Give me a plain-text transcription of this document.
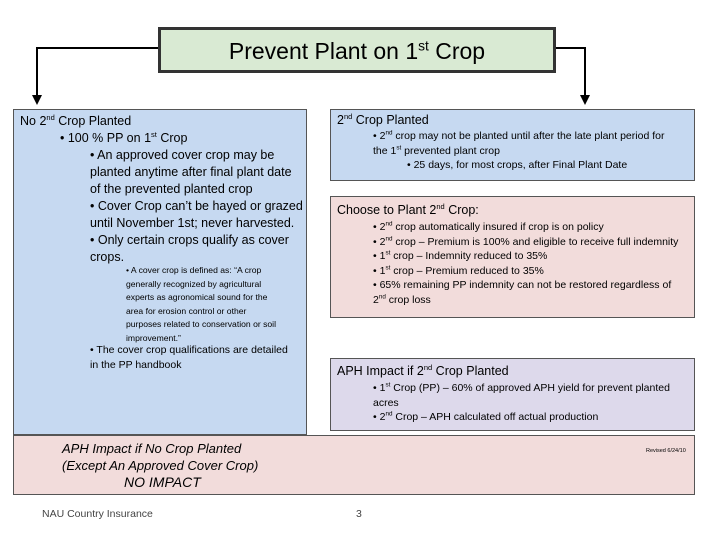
Prevent Plant on 1st Crop
No 2nd Crop Planted
• 100 % PP on 1st Crop
• An approved cover crop may be
planted anytime after final plant date
of the prevented planted crop
• Cover Crop can’t be hayed or grazed
until November 1st; never harvested.
• Only certain crops qualify as cover
crops.
• A cover crop is defined as: “A crop
generally recognized by agricultural
experts as agronomical sound for the
area for erosion control or other
purposes related to conservation or soil
improvement.”
• The cover crop qualifications are detailed
in the PP handbook
2nd Crop Planted
• 2nd crop may not be planted until after the late plant period for
the 1st prevented plant crop
• 25 days, for most crops, after Final Plant Date
Choose to Plant 2nd Crop:
• 2nd crop automatically insured if crop is on policy
• 2nd crop – Premium is 100% and eligible to receive full indemnity
• 1st crop – Indemnity reduced to 35%
• 1st crop – Premium reduced to 35%
• 65% remaining PP indemnity can not be restored regardless of
2nd crop loss
APH Impact if No Crop Planted
(Except An Approved Cover Crop)
NO IMPACT
Revised 6/24/10
APH Impact if 2nd Crop Planted
• 1st Crop (PP) – 60% of approved APH yield for prevent planted
acres
• 2nd Crop – APH calculated off actual production
NAU Country Insurance	3
